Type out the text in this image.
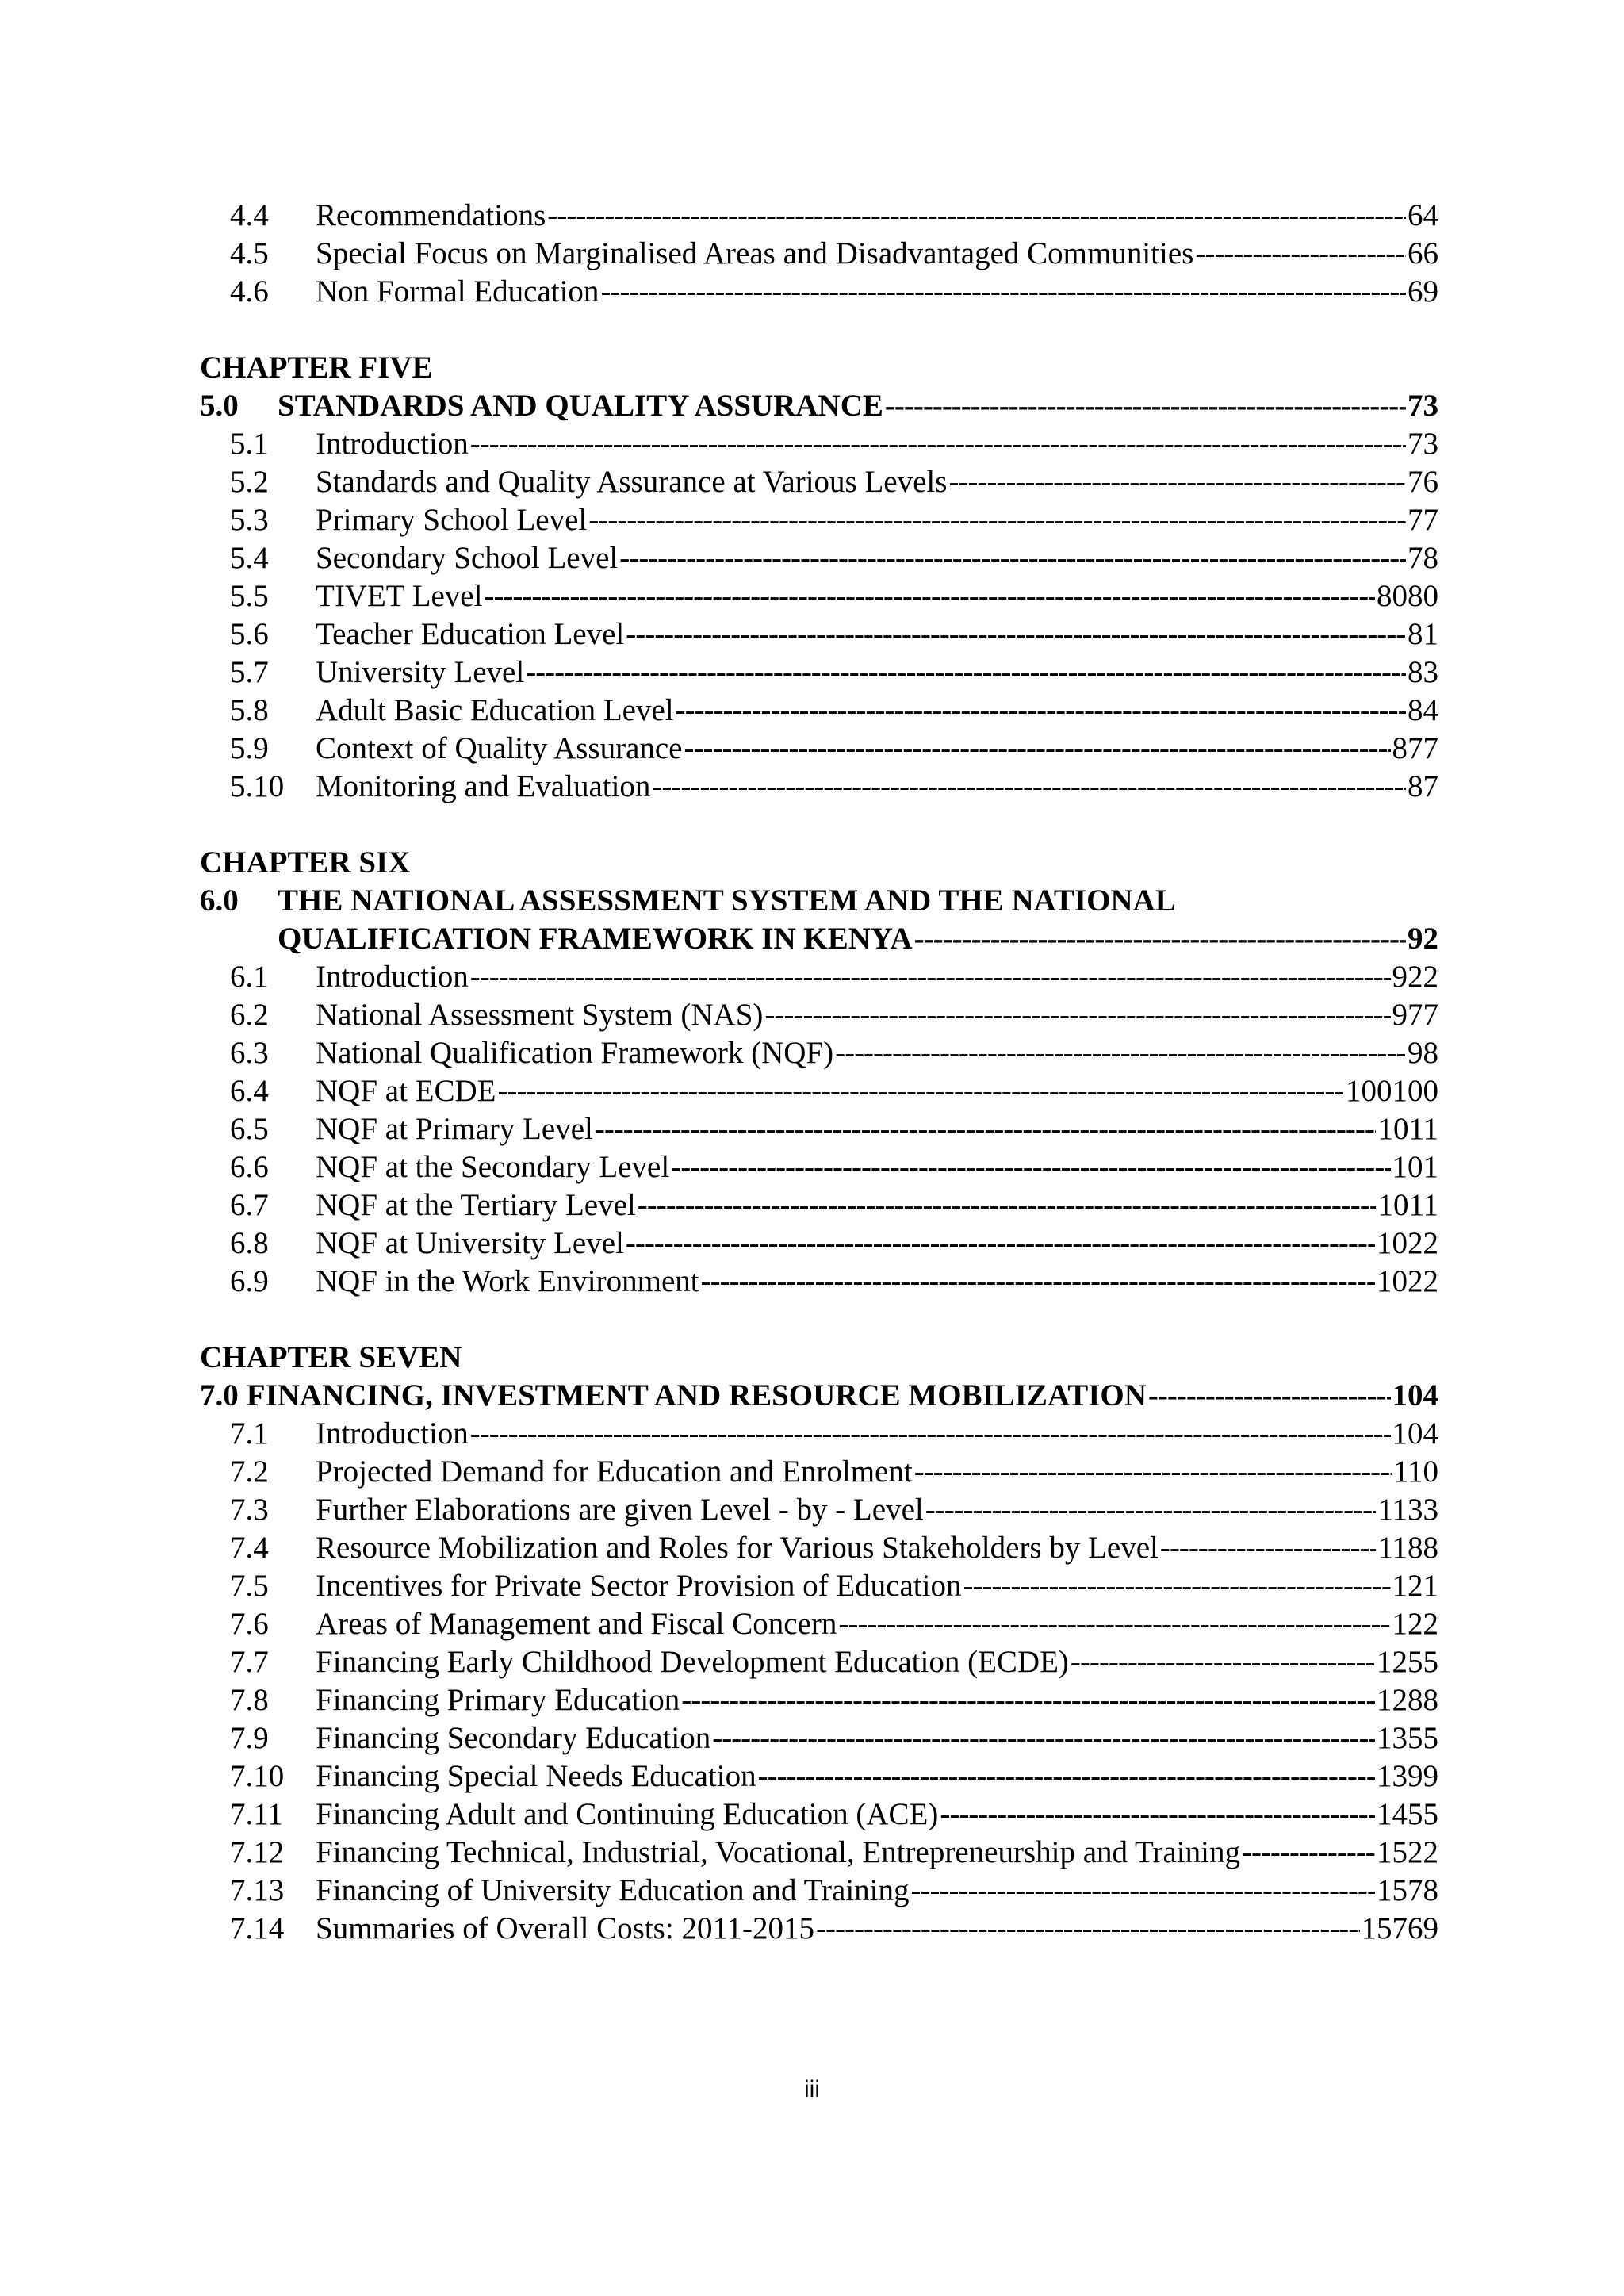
4.4	Recommendations -----	64
4.5	Special Focus on Marginalised Areas and Disadvantaged Communities -----	66
4.6	Non Formal Education -----	69
CHAPTER FIVE
5.0	STANDARDS AND QUALITY ASSURANCE -----	73
5.1	Introduction -----	73
5.2	Standards and Quality Assurance at Various Levels -----	76
5.3	Primary School Level -----	77
5.4	Secondary School Level -----	78
5.5	TIVET Level -----	8080
5.6	Teacher Education Level -----	81
5.7	University Level -----	83
5.8	Adult Basic Education Level -----	84
5.9	Context of Quality Assurance -----	877
5.10	Monitoring and Evaluation -----	87
CHAPTER SIX
6.0 THE NATIONAL ASSESSMENT SYSTEM AND THE NATIONAL
QUALIFICATION FRAMEWORK IN KENYA -----	92
6.1	Introduction -----	922
6.2	National Assessment System (NAS) -----	977
6.3	National Qualification Framework (NQF) -----	98
6.4	NQF at ECDE -----	100100
6.5	NQF at Primary Level -----	1011
6.6	NQF at the Secondary Level -----	101
6.7	NQF at the Tertiary Level -----	1011
6.8	NQF at University Level -----	1022
6.9	NQF in the Work Environment -----	1022
CHAPTER SEVEN
7.0 FINANCING, INVESTMENT AND RESOURCE MOBILIZATION -----	104
7.1	Introduction -----	104
7.2	Projected Demand for Education and Enrolment -----	110
7.3	Further Elaborations are given Level - by - Level -----	1133
7.4	Resource Mobilization and Roles for Various Stakeholders by Level -----	1188
7.5	Incentives for Private Sector Provision of Education -----	121
7.6	Areas of Management and Fiscal Concern -----	122
7.7	Financing Early Childhood Development Education (ECDE) -----	1255
7.8	Financing Primary Education -----	1288
7.9	Financing Secondary Education -----	1355
7.10	Financing Special Needs Education -----	1399
7.11	Financing Adult and Continuing Education (ACE) -----	1455
7.12	Financing Technical, Industrial, Vocational, Entrepreneurship and Training -----	1522
7.13	Financing of University Education and Training -----	1578
7.14	Summaries of Overall Costs: 2011-2015 -----	15769
iii
